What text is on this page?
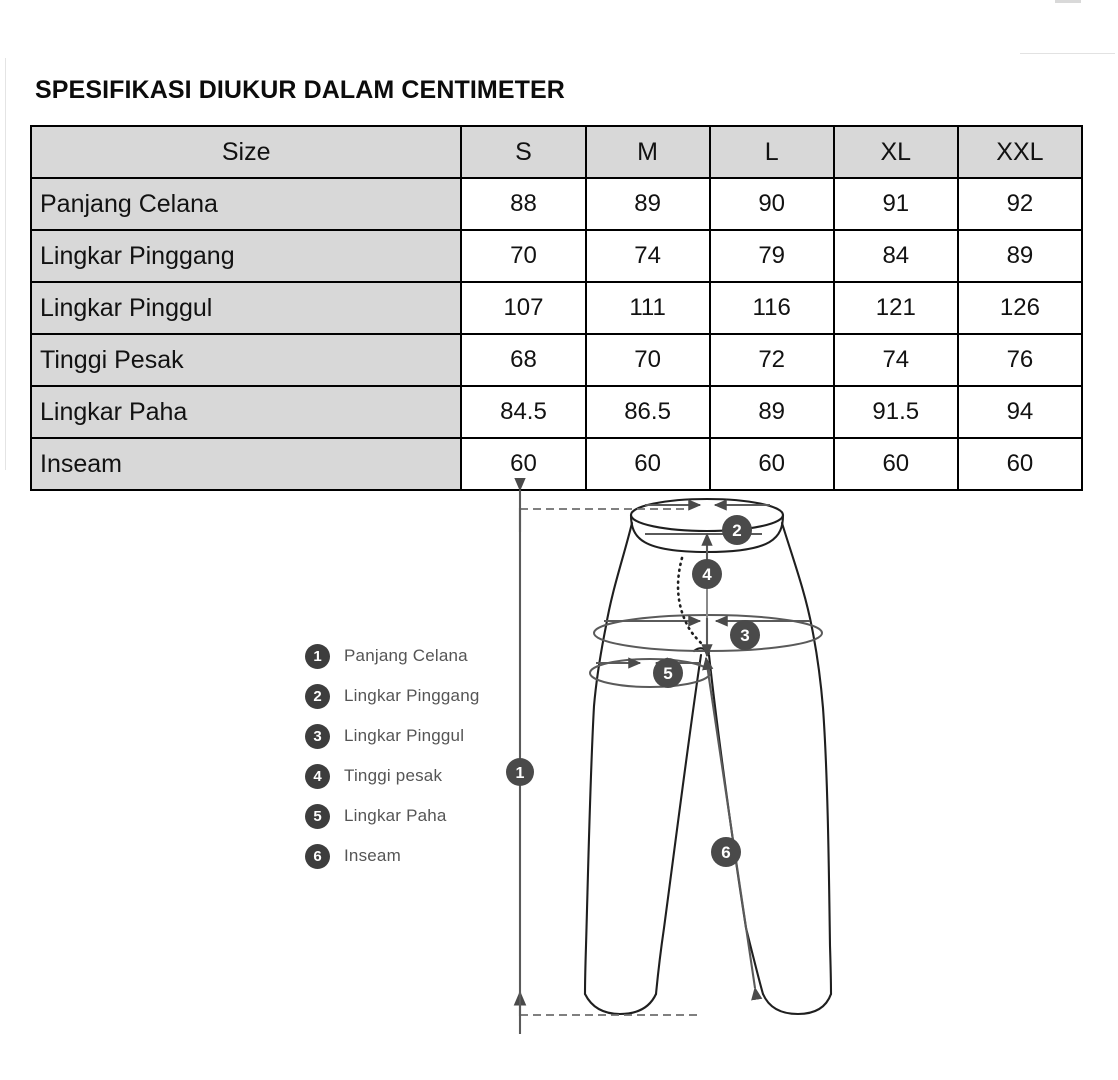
SPESIFIKASI DIUKUR DALAM CENTIMETER
Size	S	M	L	XL	XXL
Panjang Celana	88	89	90	91	92
Lingkar Pinggang	70	74	79	84	89
Lingkar Pinggul	107	111	116	121	126
Tinggi Pesak	68	70	72	74	76
Lingkar Paha	84.5	86.5	89	91.5	94
Inseam	60	60	60	60	60
1
2
3
4
5
6
1	Panjang Celana
2	Lingkar Pinggang
3	Lingkar Pinggul
4	Tinggi pesak
5	Lingkar Paha
6	Inseam
